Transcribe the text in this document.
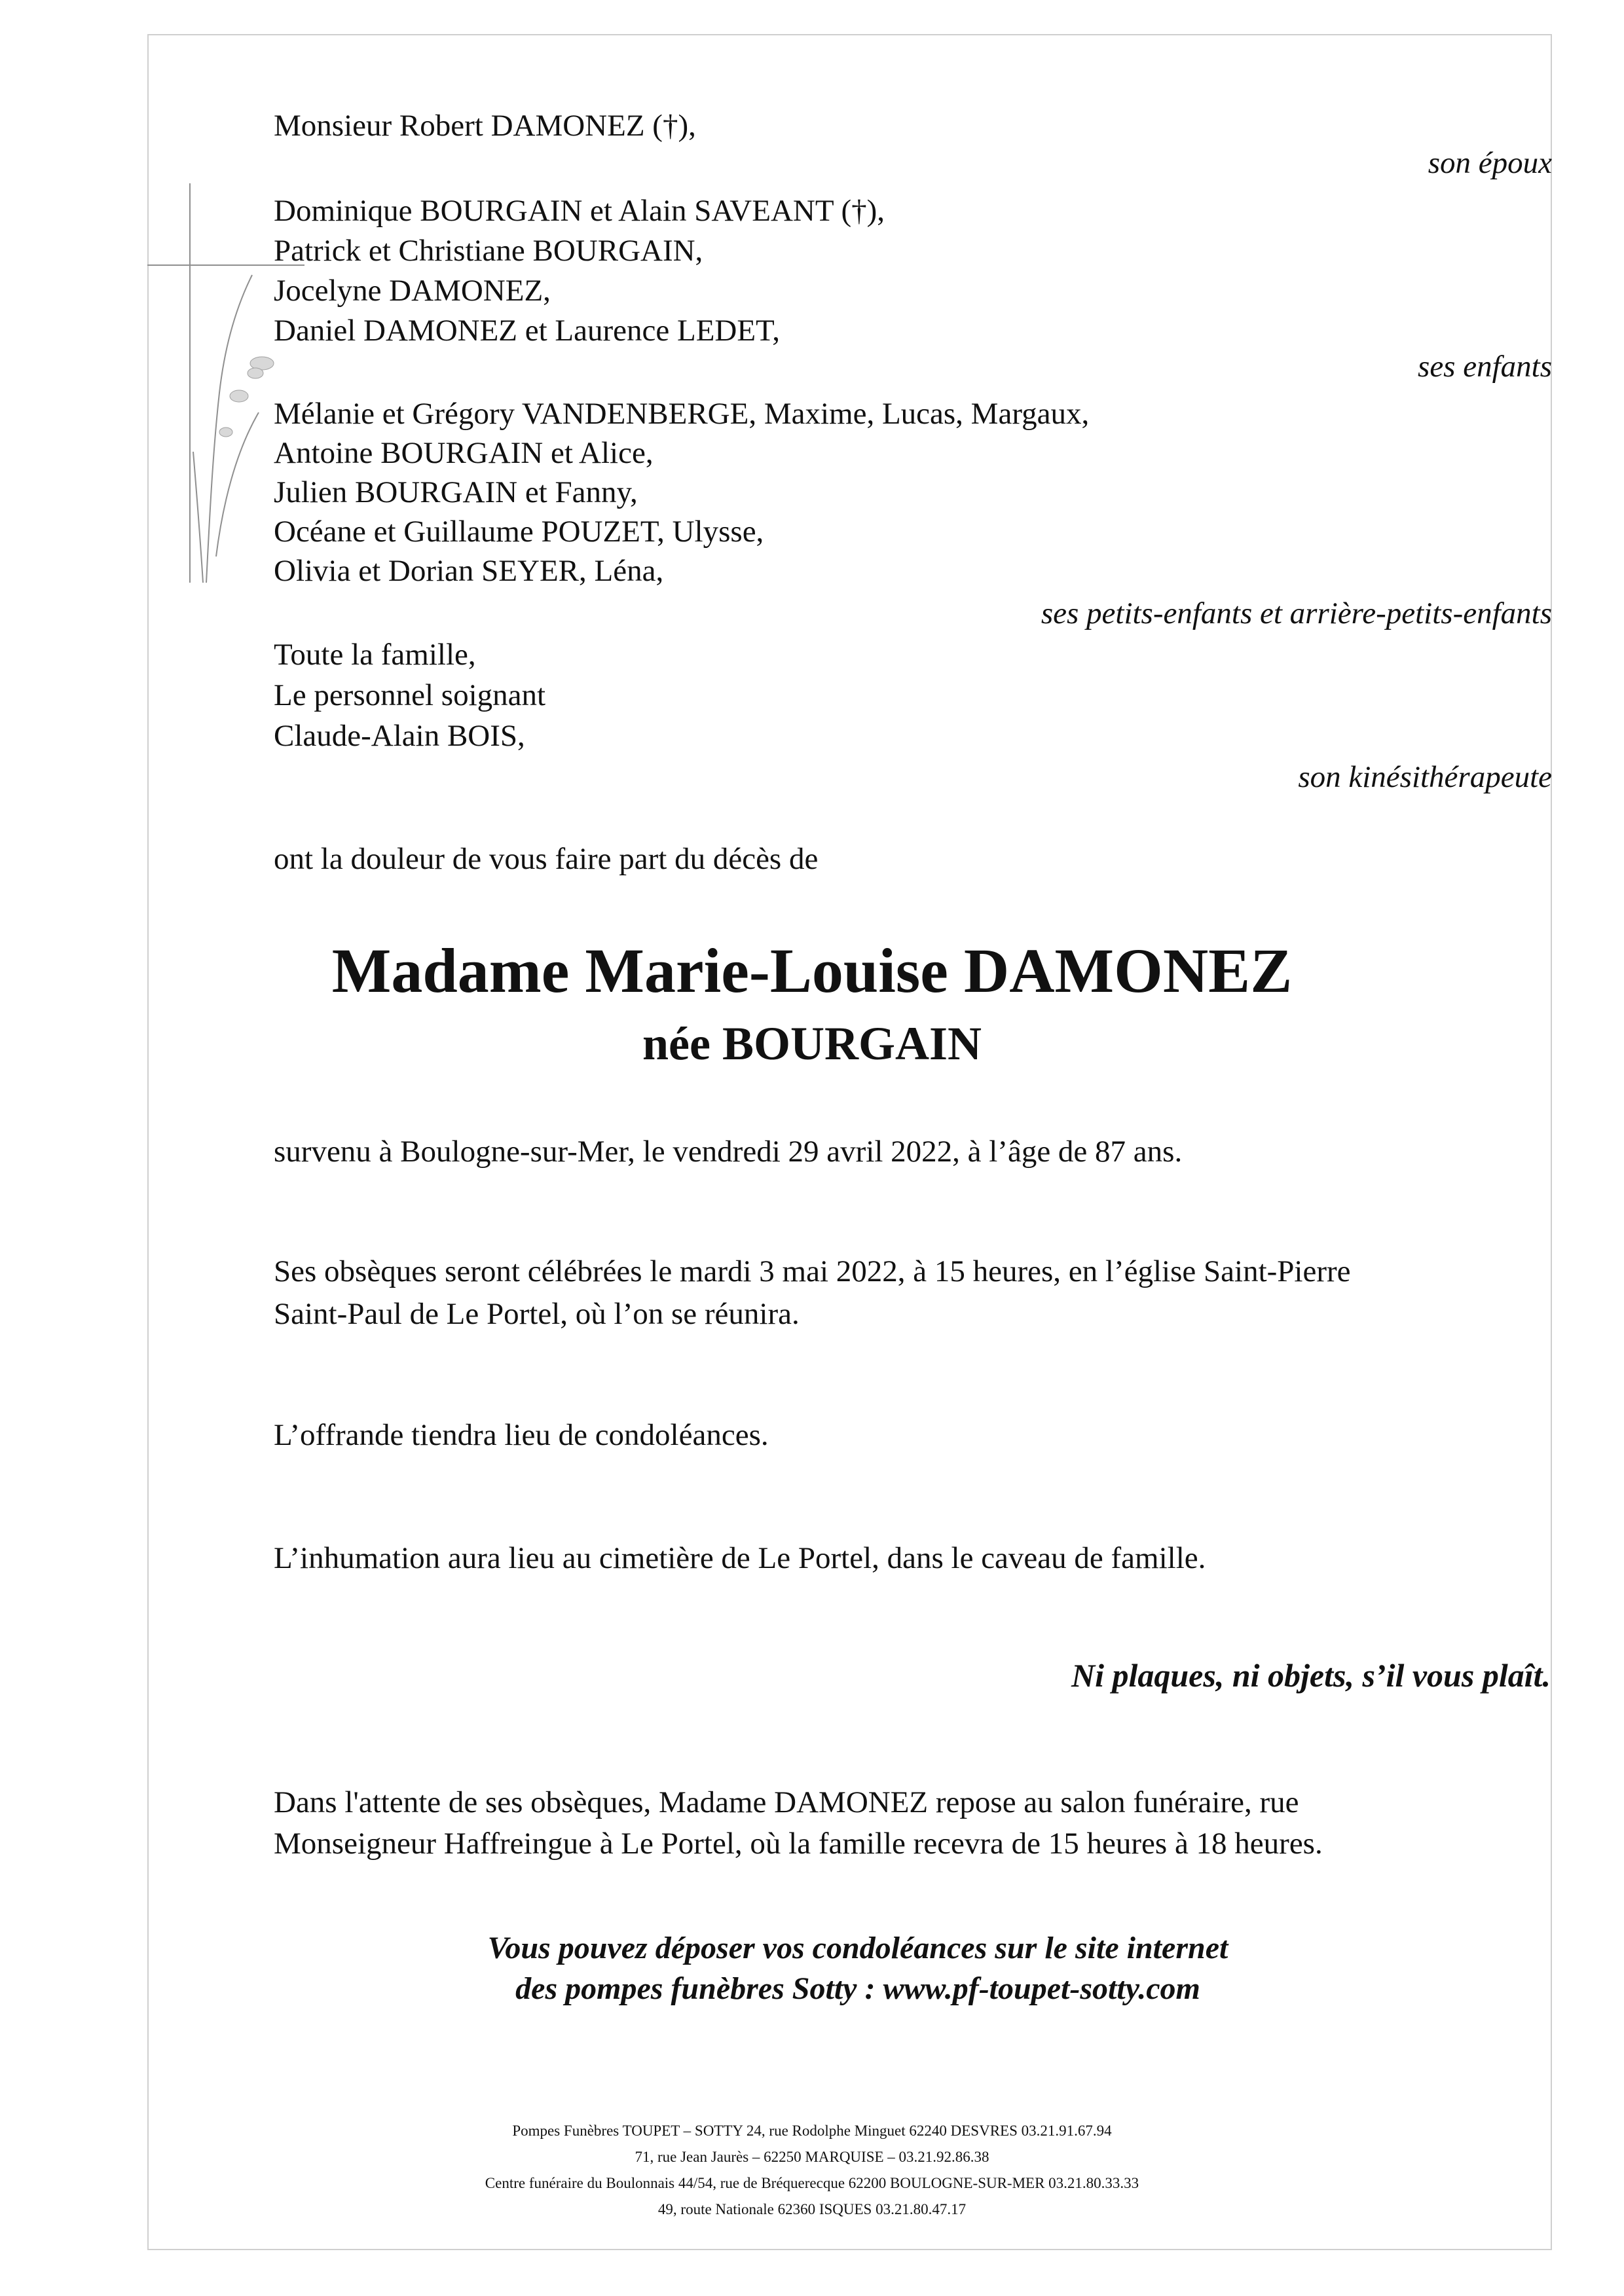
Monsieur Robert DAMONEZ (†),
son époux
Dominique BOURGAIN et Alain SAVEANT (†),
Patrick et Christiane BOURGAIN,
Jocelyne DAMONEZ,
Daniel DAMONEZ et Laurence LEDET,
ses enfants
Mélanie et Grégory VANDENBERGE, Maxime, Lucas, Margaux,
Antoine BOURGAIN et Alice,
Julien BOURGAIN et Fanny,
Océane et Guillaume POUZET, Ulysse,
Olivia et Dorian SEYER, Léna,
ses petits-enfants et arrière-petits-enfants
Toute la famille,
Le personnel soignant
Claude-Alain BOIS,
son kinésithérapeute
ont la douleur de vous faire part du décès de
Madame Marie-Louise DAMONEZ
née BOURGAIN
survenu à Boulogne-sur-Mer, le vendredi 29 avril 2022, à l’âge de 87 ans.
Ses obsèques seront célébrées le mardi 3 mai 2022, à 15 heures, en l’église Saint-Pierre
Saint-Paul de Le Portel, où l’on se réunira.
L’offrande tiendra lieu de condoléances.
L’inhumation aura lieu au cimetière de Le Portel, dans le caveau de famille.
Ni plaques, ni objets, s’il vous plaît.
Dans l'attente de ses obsèques, Madame DAMONEZ repose au salon funéraire, rue
Monseigneur Haffreingue à Le Portel, où la famille recevra de 15 heures à 18 heures.
Vous pouvez déposer vos condoléances sur le site internet
des pompes funèbres Sotty : www.pf-toupet-sotty.com
Pompes Funèbres TOUPET – SOTTY 24, rue Rodolphe Minguet 62240 DESVRES 03.21.91.67.94
71, rue Jean Jaurès – 62250 MARQUISE – 03.21.92.86.38
Centre funéraire du Boulonnais 44/54, rue de Bréquerecque 62200 BOULOGNE-SUR-MER 03.21.80.33.33
49, route Nationale 62360 ISQUES 03.21.80.47.17
